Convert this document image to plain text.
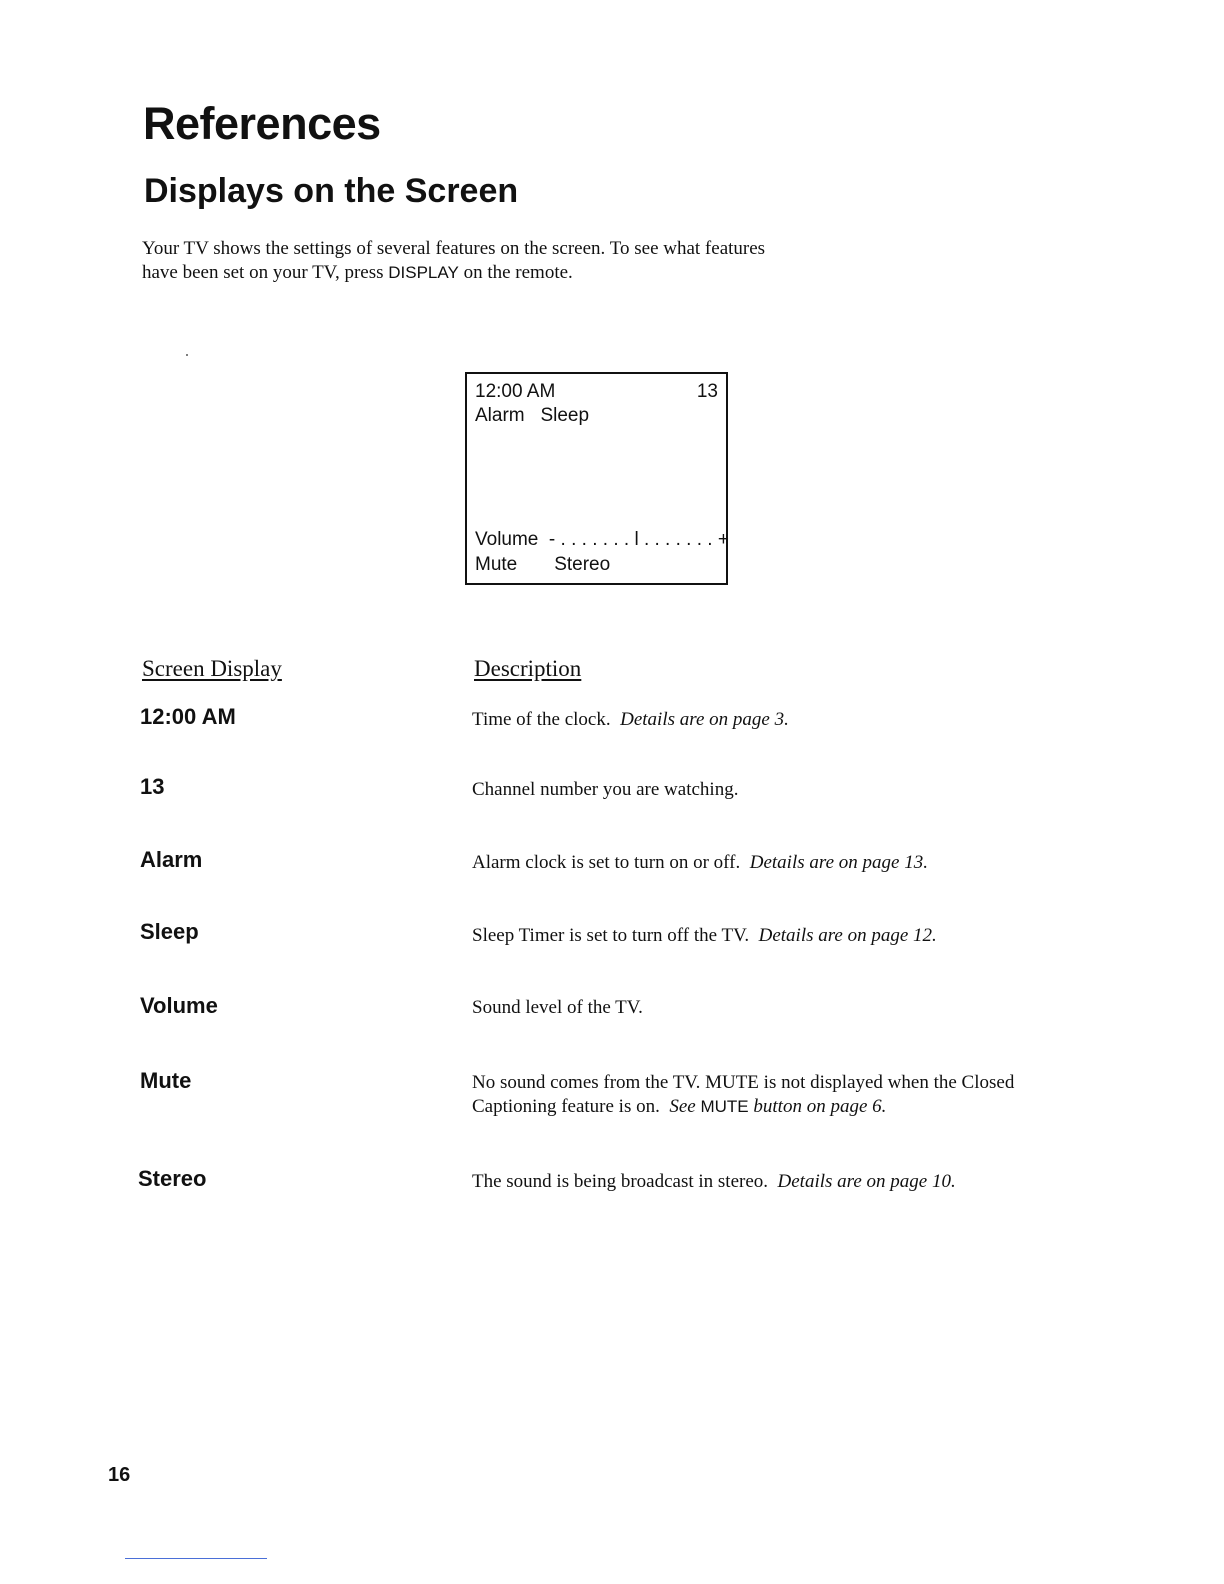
References
Displays on the Screen

Your TV shows the settings of several features on the screen. To see what features have been set on your TV, press DISPLAY on the remote.

12:00 AM	13
Alarm   Sleep
Volume  - . . . . . . . l . . . . . . . +
Mute       Stereo
Screen Display	Description
12:00 AM	Time of the clock. Details are on page 3.
13	Channel number you are watching.
Alarm	Alarm clock is set to turn on or off. Details are on page 13.
Sleep	Sleep Timer is set to turn off the TV. Details are on page 12.
Volume	Sound level of the TV.
Mute	No sound comes from the TV. MUTE is not displayed when the Closed Captioning feature is on. See MUTE button on page 6.
Stereo	The sound is being broadcast in stereo. Details are on page 10.
16
